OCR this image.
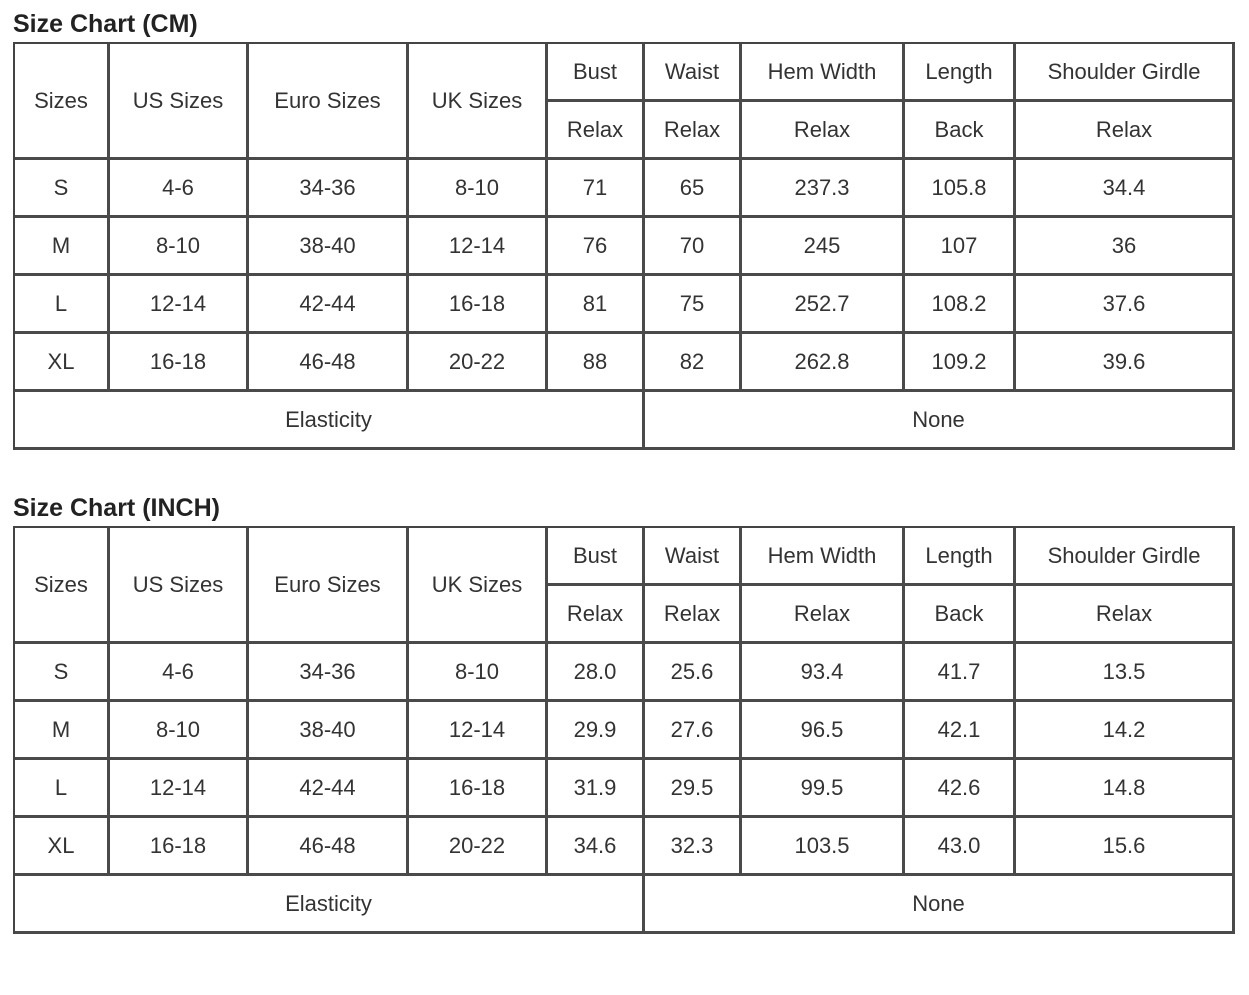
Size Chart (CM)
Sizes	US Sizes	Euro Sizes	UK Sizes	Bust	Waist	Hem Width	Length	Shoulder Girdle
				Relax	Relax	Relax	Back	Relax
S	4-6	34-36	8-10	71	65	237.3	105.8	34.4
M	8-10	38-40	12-14	76	70	245	107	36
L	12-14	42-44	16-18	81	75	252.7	108.2	37.6
XL	16-18	46-48	20-22	88	82	262.8	109.2	39.6
Elasticity					None			
Size Chart (INCH)
Sizes	US Sizes	Euro Sizes	UK Sizes	Bust	Waist	Hem Width	Length	Shoulder Girdle
				Relax	Relax	Relax	Back	Relax
S	4-6	34-36	8-10	28.0	25.6	93.4	41.7	13.5
M	8-10	38-40	12-14	29.9	27.6	96.5	42.1	14.2
L	12-14	42-44	16-18	31.9	29.5	99.5	42.6	14.8
XL	16-18	46-48	20-22	34.6	32.3	103.5	43.0	15.6
Elasticity					None			
